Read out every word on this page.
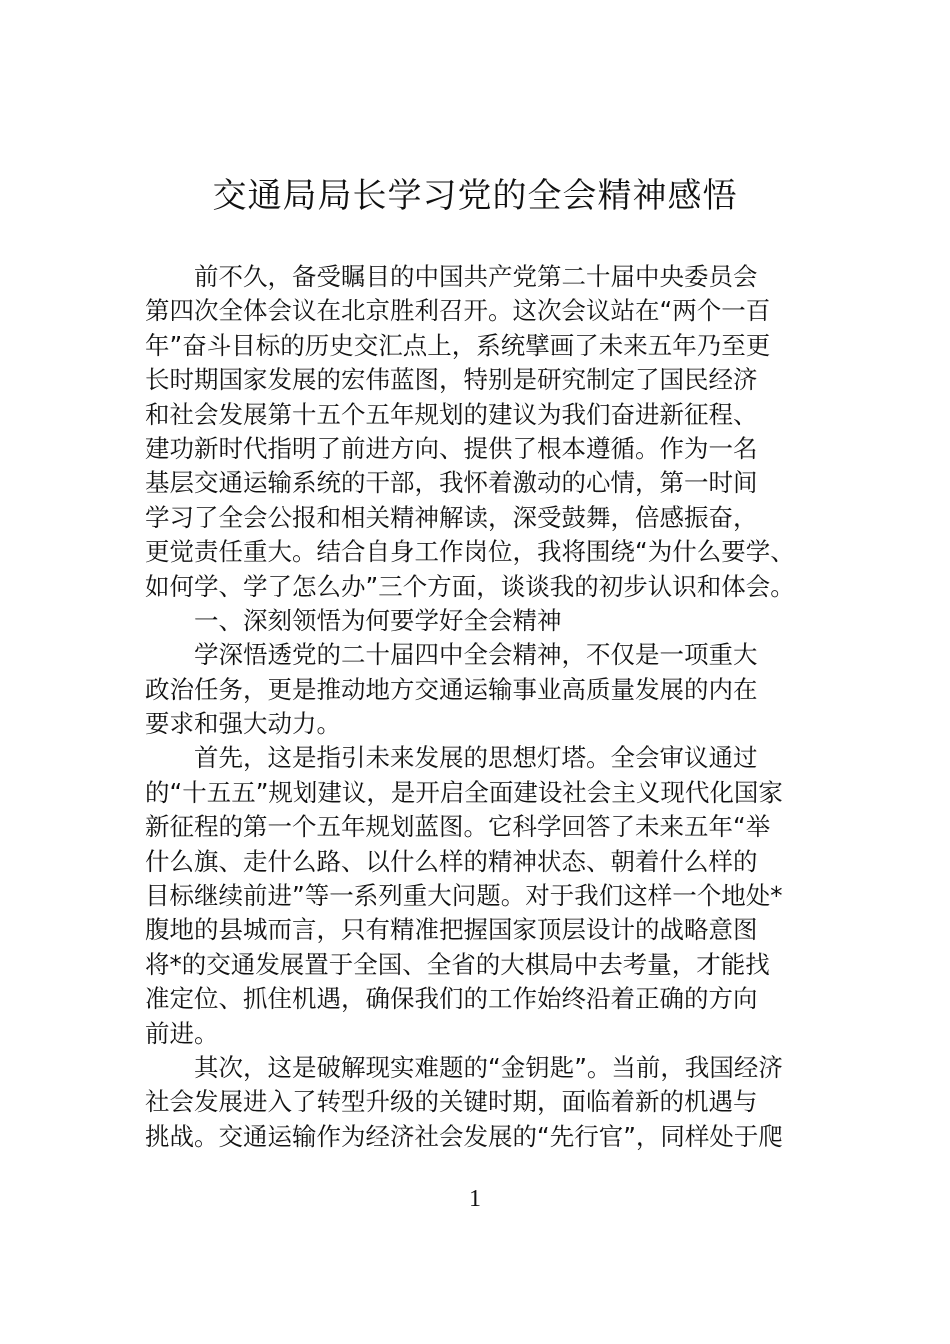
交通局局长学习党的全会精神感悟
前不久，备受瞩目的中国共产党第二十届中央委员会
第四次全体会议在北京胜利召开。这次会议站在“两个一百
年”奋斗目标的历史交汇点上，系统擘画了未来五年乃至更
长时期国家发展的宏伟蓝图，特别是研究制定了国民经济
和社会发展第十五个五年规划的建议为我们奋进新征程、
建功新时代指明了前进方向、提供了根本遵循。作为一名
基层交通运输系统的干部，我怀着激动的心情，第一时间
学习了全会公报和相关精神解读，深受鼓舞，倍感振奋，
更觉责任重大。结合自身工作岗位，我将围绕“为什么要学、
如何学、学了怎么办”三个方面，谈谈我的初步认识和体会。
一、深刻领悟为何要学好全会精神
学深悟透党的二十届四中全会精神，不仅是一项重大
政治任务，更是推动地方交通运输事业高质量发展的内在
要求和强大动力。
首先，这是指引未来发展的思想灯塔。全会审议通过
的“十五五”规划建议，是开启全面建设社会主义现代化国家
新征程的第一个五年规划蓝图。它科学回答了未来五年“举
什么旗、走什么路、以什么样的精神状态、朝着什么样的
目标继续前进”等一系列重大问题。对于我们这样一个地处*
腹地的县城而言，只有精准把握国家顶层设计的战略意图
将*的交通发展置于全国、全省的大棋局中去考量，才能找
准定位、抓住机遇，确保我们的工作始终沿着正确的方向
前进。
其次，这是破解现实难题的“金钥匙”。当前，我国经济
社会发展进入了转型升级的关键时期，面临着新的机遇与
挑战。交通运输作为经济社会发展的“先行官”，同样处于爬
1
